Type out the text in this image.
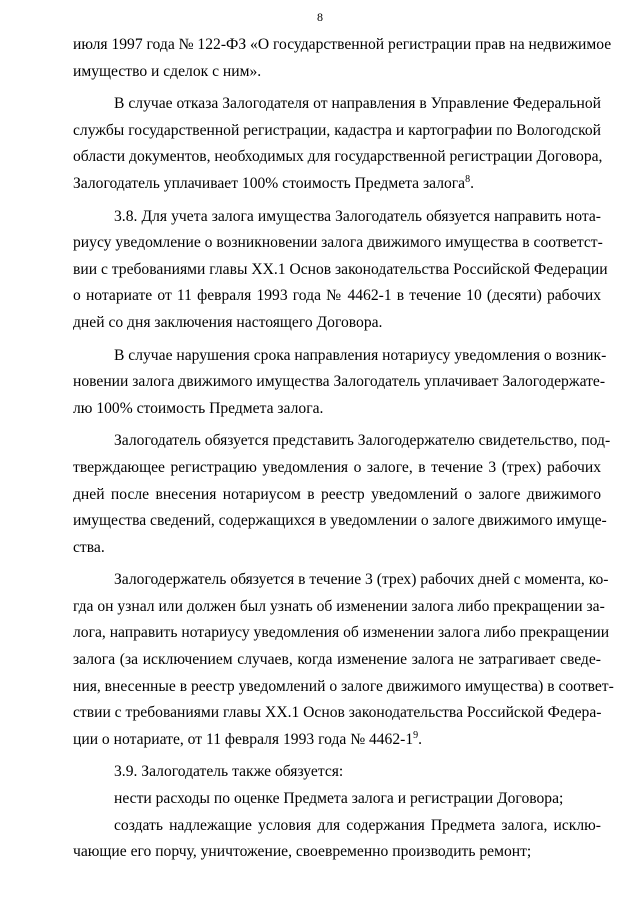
8
июля 1997 года № 122-ФЗ «О государственной регистрации прав на недвижимое
имущество и сделок с ним».
В случае отказа Залогодателя от направления в Управление Федеральной
службы государственной регистрации, кадастра и картографии по Вологодской
области документов, необходимых для государственной регистрации Договора,
Залогодатель уплачивает 100% стоимость Предмета залога$^8$.
3.8. Для учета залога имущества Залогодатель обязуется направить нота-
риусу уведомление о возникновении залога движимого имущества в соответст-
вии с требованиями главы XX.1 Основ законодательства Российской Федерации
о нотариате от 11 февраля 1993 года № 4462-1 в течение 10 (десяти) рабочих
дней со дня заключения настоящего Договора.
В случае нарушения срока направления нотариусу уведомления о возник-
новении залога движимого имущества Залогодатель уплачивает Залогодержате-
лю 100% стоимость Предмета залога.
Залогодатель обязуется представить Залогодержателю свидетельство, под-
тверждающее регистрацию уведомления о залоге, в течение 3 (трех) рабочих
дней после внесения нотариусом в реестр уведомлений о залоге движимого
имущества сведений, содержащихся в уведомлении о залоге движимого имуще-
ства.
Залогодержатель обязуется в течение 3 (трех) рабочих дней с момента, ко-
гда он узнал или должен был узнать об изменении залога либо прекращении за-
лога, направить нотариусу уведомления об изменении залога либо прекращении
залога (за исключением случаев, когда изменение залога не затрагивает сведе-
ния, внесенные в реестр уведомлений о залоге движимого имущества) в соответ-
ствии с требованиями главы XX.1 Основ законодательства Российской Федера-
ции о нотариате, от 11 февраля 1993 года № $4462-1^9$.
3.9. Залогодатель также обязуется:
нести расходы по оценке Предмета залога и регистрации Договора;
создать надлежащие условия для содержания Предмета залога, исклю-
чающие его порчу, уничтожение, своевременно производить ремонт;
